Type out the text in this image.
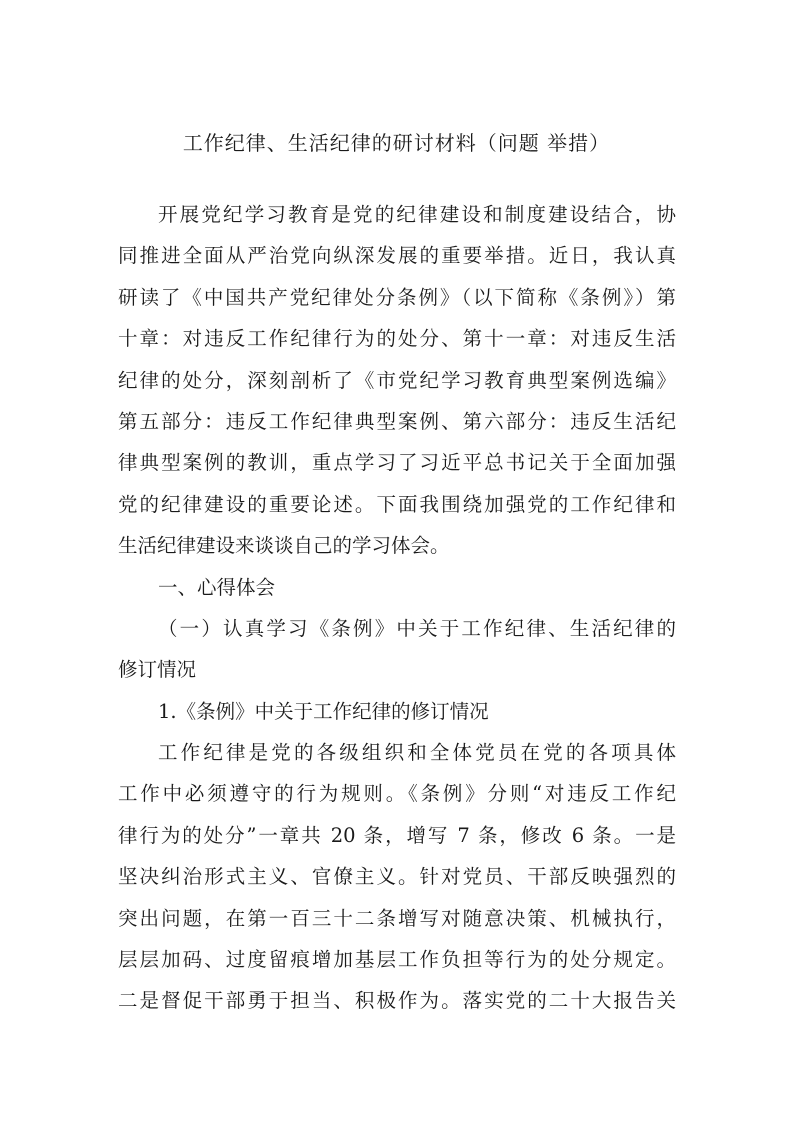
工作纪律、生活纪律的研讨材料（问题 举措）
开展党纪学习教育是党的纪律建设和制度建设结合，协
同推进全面从严治党向纵深发展的重要举措。近日，我认真
研读了《中国共产党纪律处分条例》（以下简称《条例》）第
十章：对违反工作纪律行为的处分、第十一章：对违反生活
纪律的处分，深刻剖析了《市党纪学习教育典型案例选编》
第五部分：违反工作纪律典型案例、第六部分：违反生活纪
律典型案例的教训，重点学习了习近平总书记关于全面加强
党的纪律建设的重要论述。下面我围绕加强党的工作纪律和
生活纪律建设来谈谈自己的学习体会。
一、心得体会
（一）认真学习《条例》中关于工作纪律、生活纪律的
修订情况
1.《条例》中关于工作纪律的修订情况
工作纪律是党的各级组织和全体党员在党的各项具体
工作中必须遵守的行为规则。《条例》分则“对违反工作纪
律行为的处分”一章共 20 条，增写 7 条，修改 6 条。一是
坚决纠治形式主义、官僚主义。针对党员、干部反映强烈的
突出问题，在第一百三十二条增写对随意决策、机械执行，
层层加码、过度留痕增加基层工作负担等行为的处分规定。
二是督促干部勇于担当、积极作为。落实党的二十大报告关
